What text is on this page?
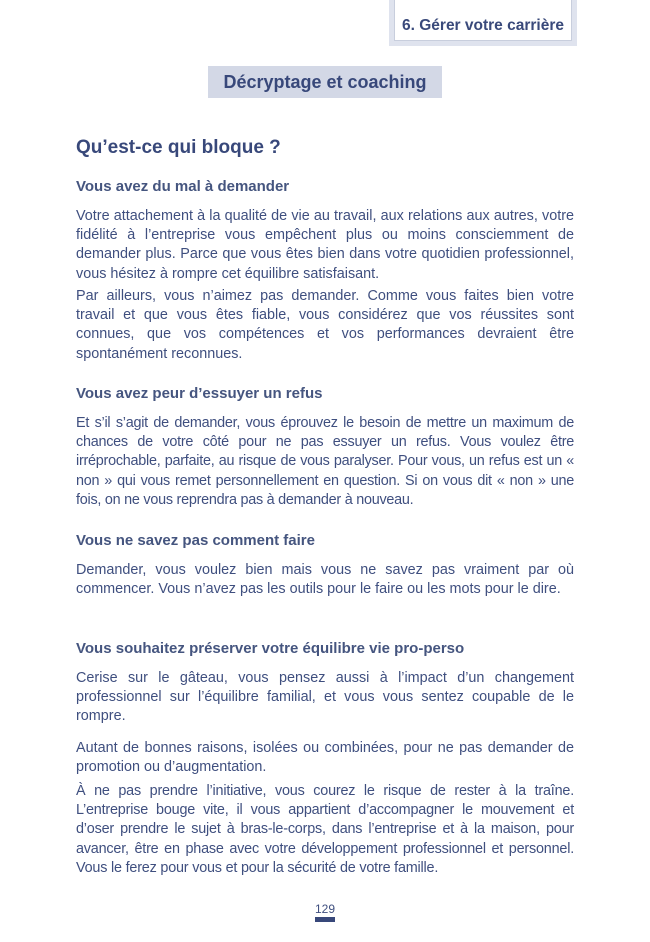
6. Gérer votre carrière
Décryptage et coaching
Qu’est-ce qui bloque ?
Vous avez du mal à demander

Votre attachement à la qualité de vie au travail, aux relations aux autres, votre fidélité à l’entreprise vous empêchent plus ou moins consciemment de demander plus. Parce que vous êtes bien dans votre quotidien professionnel, vous hésitez à rompre cet équilibre satisfaisant.

Par ailleurs, vous n’aimez pas demander. Comme vous faites bien votre travail et que vous êtes fiable, vous considérez que vos réussites sont connues, que vos compétences et vos performances devraient être spontanément reconnues.

Vous avez peur d’essuyer un refus

Et s’il s’agit de demander, vous éprouvez le besoin de mettre un maximum de chances de votre côté pour ne pas essuyer un refus. Vous voulez être irréprochable, parfaite, au risque de vous paralyser. Pour vous, un refus est un « non » qui vous remet personnellement en question. Si on vous dit « non » une fois, on ne vous reprendra pas à demander à nouveau.

Vous ne savez pas comment faire

Demander, vous voulez bien mais vous ne savez pas vraiment par où commencer. Vous n’avez pas les outils pour le faire ou les mots pour le dire.

Vous souhaitez préserver votre équilibre vie pro-perso

Cerise sur le gâteau, vous pensez aussi à l’impact d’un changement professionnel sur l’équilibre familial, et vous vous sentez coupable de le rompre.

Autant de bonnes raisons, isolées ou combinées, pour ne pas demander de promotion ou d’augmentation.

À ne pas prendre l’initiative, vous courez le risque de rester à la traîne. L’entreprise bouge vite, il vous appartient d’accompagner le mouvement et d’oser prendre le sujet à bras-le-corps, dans l’entreprise et à la maison, pour avancer, être en phase avec votre développement professionnel et personnel. Vous le ferez pour vous et pour la sécurité de votre famille.

129
